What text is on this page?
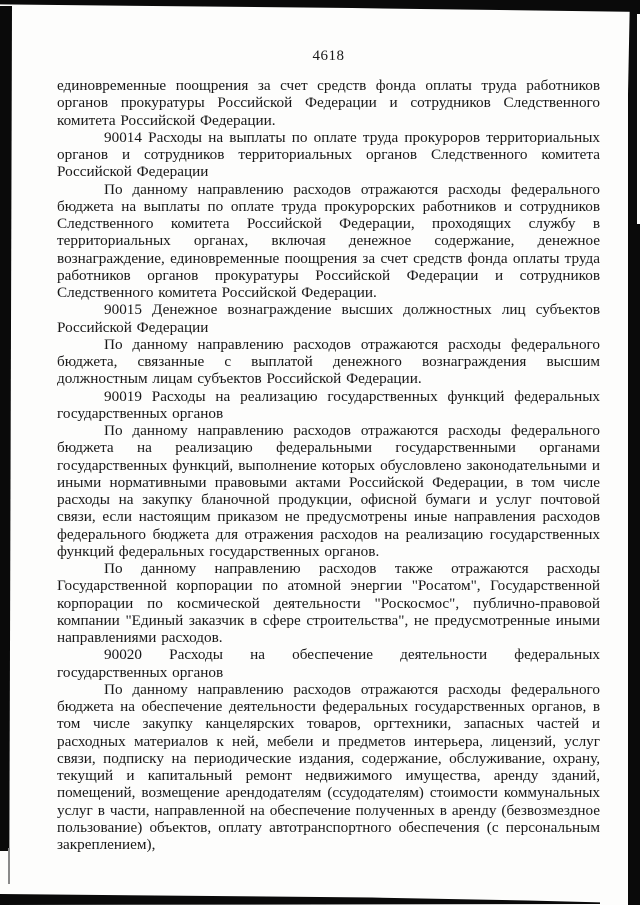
4618

единовременные поощрения за счет средств фонда оплаты труда работников органов прокуратуры Российской Федерации и сотрудников Следственного комитета Российской Федерации.

90014 Расходы на выплаты по оплате труда прокуроров территориальных органов и сотрудников территориальных органов Следственного комитета Российской Федерации

По данному направлению расходов отражаются расходы федерального бюджета на выплаты по оплате труда прокурорских работников и сотрудников Следственного комитета Российской Федерации, проходящих службу в территориальных органах, включая денежное содержание, денежное вознаграждение, единовременные поощрения за счет средств фонда оплаты труда работников органов прокуратуры Российской Федерации и сотрудников Следственного комитета Российской Федерации.

90015 Денежное вознаграждение высших должностных лиц субъектов Российской Федерации

По данному направлению расходов отражаются расходы федерального бюджета, связанные с выплатой денежного вознаграждения высшим должностным лицам субъектов Российской Федерации.

90019 Расходы на реализацию государственных функций федеральных государственных органов

По данному направлению расходов отражаются расходы федерального бюджета на реализацию федеральными государственными органами государственных функций, выполнение которых обусловлено законодательными и иными нормативными правовыми актами Российской Федерации, в том числе расходы на закупку бланочной продукции, офисной бумаги и услуг почтовой связи, если настоящим приказом не предусмотрены иные направления расходов федерального бюджета для отражения расходов на реализацию государственных функций федеральных государственных органов.

По данному направлению расходов также отражаются расходы Государственной корпорации по атомной энергии "Росатом", Государственной корпорации по космической деятельности "Роскосмос", публично-правовой компании "Единый заказчик в сфере строительства", не предусмотренные иными направлениями расходов.

90020 Расходы на обеспечение деятельности федеральных государственных органов

По данному направлению расходов отражаются расходы федерального бюджета на обеспечение деятельности федеральных государственных органов, в том числе закупку канцелярских товаров, оргтехники, запасных частей и расходных материалов к ней, мебели и предметов интерьера, лицензий, услуг связи, подписку на периодические издания, содержание, обслуживание, охрану, текущий и капитальный ремонт недвижимого имущества, аренду зданий, помещений, возмещение арендодателям (ссудодателям) стоимости коммунальных услуг в части, направленной на обеспечение полученных в аренду (безвозмездное пользование) объектов, оплату автотранспортного обеспечения (с персональным закреплением),
